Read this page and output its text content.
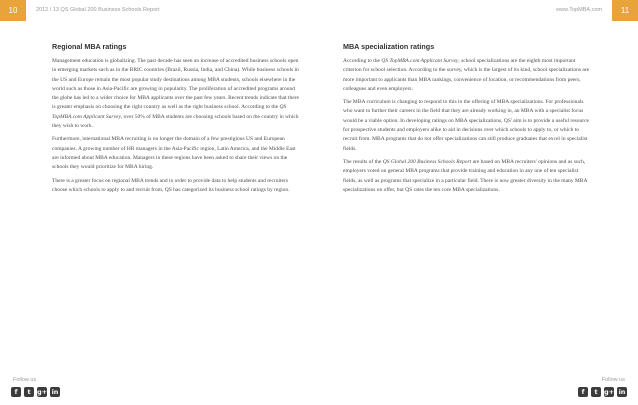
10	2012 / 13 QS Global 200 Business Schools Report	www.TopMBA.com	11
Regional MBA ratings

Management education is globalizing. The past decade has seen an increase of accredited business schools open in emerging markets such as in the BRIC countries (Brazil, Russia, India, and China). While business schools in the US and Europe remain the most popular study destinations among MBA students, schools elsewhere in the world such as those in Asia-Pacific are growing in popularity. The proliferation of accredited programs around the globe has led to a wider choice for MBA applicants over the past few years. Recent trends indicate that there is greater emphasis on choosing the right country as well as the right business school. According to the QS TopMBA.com Applicant Survey, over 50% of MBA students are choosing schools based on the country in which they wish to work.

Furthermore, international MBA recruiting is no longer the domain of a few prestigious US and European companies. A growing number of HR managers in the Asia-Pacific region, Latin America, and the Middle East are informed about MBA education. Managers in these regions have been asked to share their views on the schools they would prioritize for MBA hiring.

There is a greater focus on regional MBA trends and in order to provide data to help students and recruiters choose which schools to apply to and recruit from, QS has categorized its business school ratings by region.

MBA specialization ratings

According to the QS TopMBA.com Applicant Survey, school specializations are the eighth most important criterion for school selection. According to the survey, which is the largest of its kind, school specializations are more important to applicants than MBA rankings, convenience of location, or recommendations from peers, colleagues and even employers.

The MBA curriculum is changing to respond to this in the offering of MBA specializations. For professionals who want to further their careers in the field that they are already working in, an MBA with a specialist focus would be a viable option. In developing ratings on MBA specializations, QS' aim is to provide a useful resource for prospective students and employers alike to aid in decisions over which schools to apply to, or which to recruit from. MBA programs that do not offer specializations can still produce graduates that excel in specialist fields.

The results of the QS Global 200 Business Schools Report are based on MBA recruiters' opinions and as such, employers voted on general MBA programs that provide training and education in any one of ten specialist fields, as well as programs that specialize in a particular field. There is now greater diversity in the many MBA specializations on offer, but QS rates the ten core MBA specializations.

Follow us
f	t g+ in
Follow us
f	t g+ in
